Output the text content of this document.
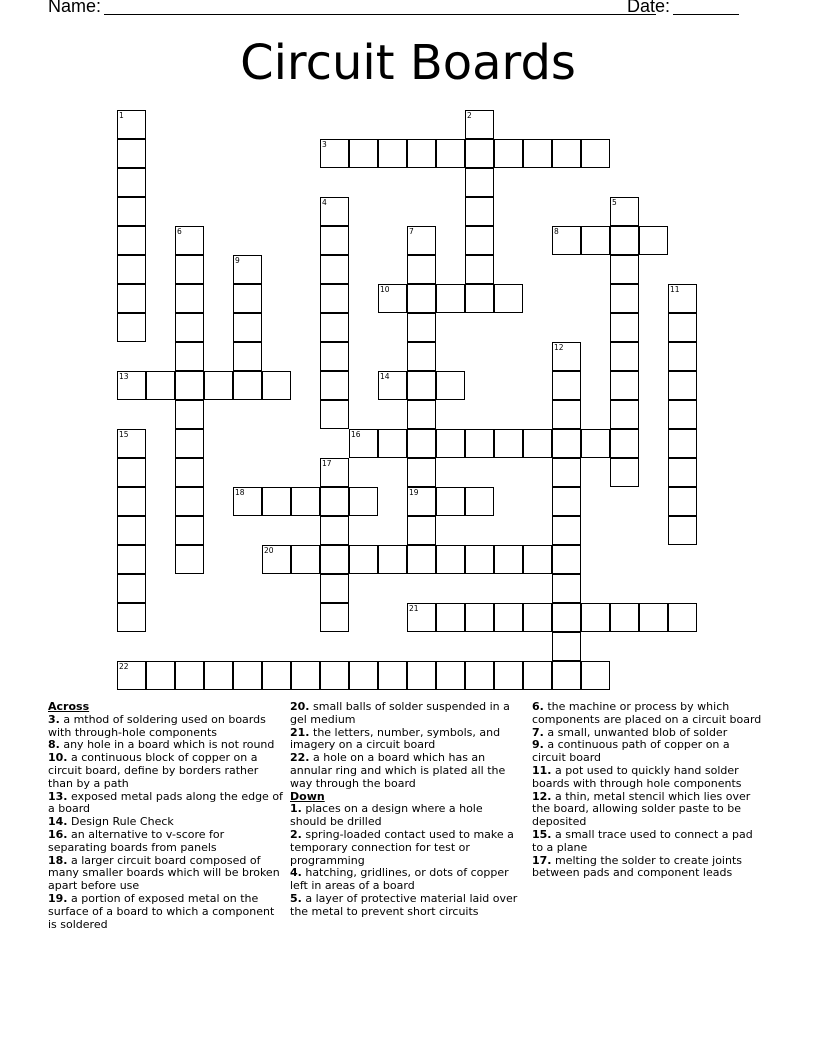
Name:	Date:
Circuit Boards
1	2
3
4	5
6	7
19
8
9
10	11
12
13	14
15	16
17
18
20
21
22
Across
3. a mthod of soldering used on boards with through-hole components
8. any hole in a board which is not round
10. a continuous block of copper on a circuit board, define by borders rather than by a path
13. exposed metal pads along the edge of a board
14. Design Rule Check
16. an alternative to v-score for separating boards from panels
18. a larger circuit board composed of many smaller boards which will be broken apart before use
19. a portion of exposed metal on the surface of a board to which a component is soldered
20. small balls of solder suspended in a gel medium
21. the letters, number, symbols, and imagery on a circuit board
22. a hole on a board which has an annular ring and which is plated all the way through the board
Down
1. places on a design where a hole should be drilled
2. spring-loaded contact used to make a temporary connection for test or programming
4. hatching, gridlines, or dots of copper left in areas of a board
5. a layer of protective material laid over the metal to prevent short circuits
6. the machine or process by which components are placed on a circuit board
7. a small, unwanted blob of solder
9. a continuous path of copper on a circuit board
11. a pot used to quickly hand solder boards with through hole components
12. a thin, metal stencil which lies over the board, allowing solder paste to be deposited
15. a small trace used to connect a pad to a plane
17. melting the solder to create joints between pads and component leads
